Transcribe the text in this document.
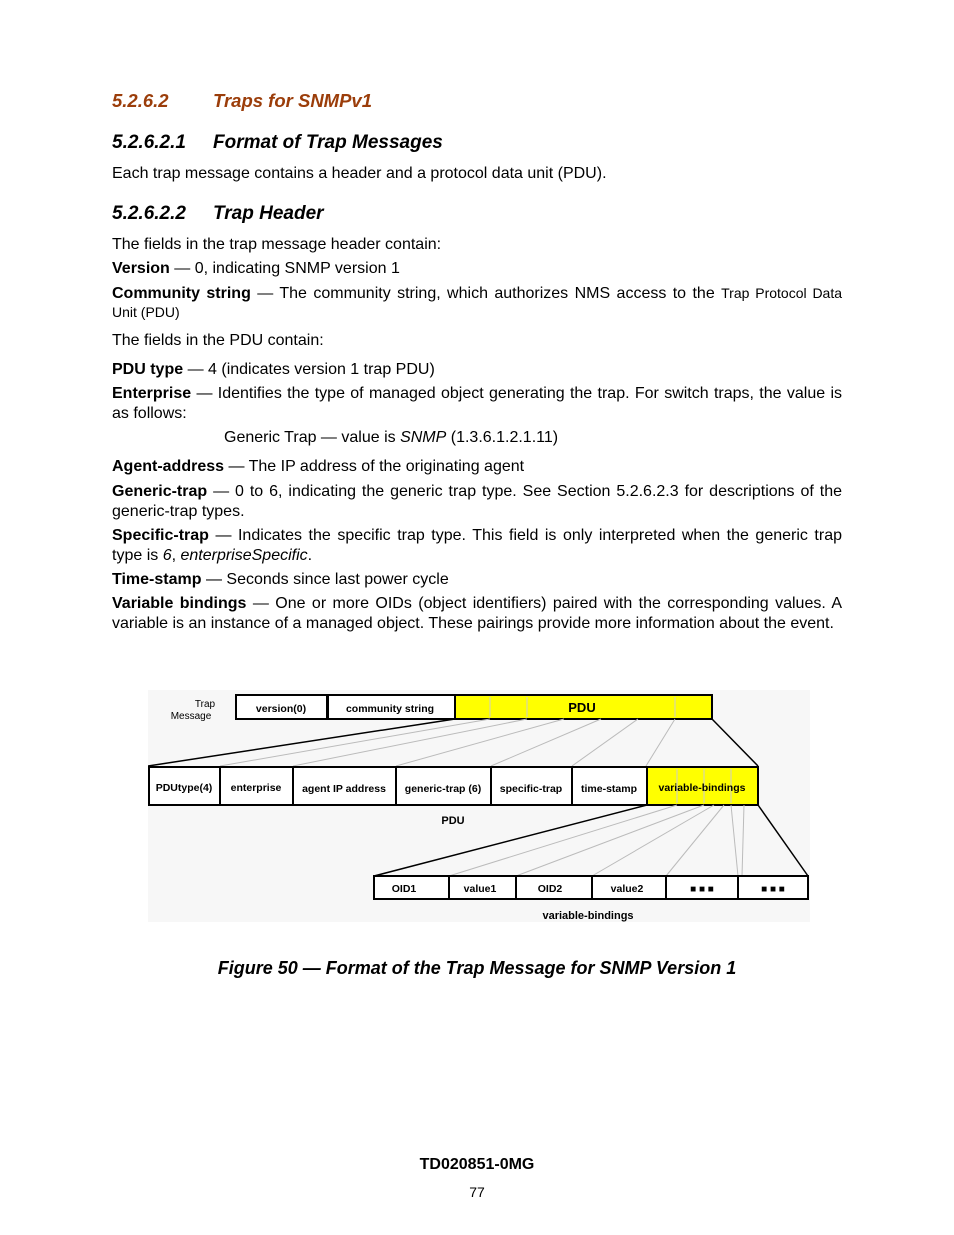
5.2.6.2 Traps for SNMPv1
5.2.6.2.1 Format of Trap Messages
Each trap message contains a header and a protocol data unit (PDU).
5.2.6.2.2 Trap Header
The fields in the trap message header contain:
Version — 0, indicating SNMP version 1
Community string — The community string, which authorizes NMS access to the Trap Protocol Data Unit (PDU)
The fields in the PDU contain:
PDU type — 4 (indicates version 1 trap PDU)
Enterprise — Identifies the type of managed object generating the trap. For switch traps, the value is as follows:
Generic Trap — value is SNMP (1.3.6.1.2.1.11)
Agent-address — The IP address of the originating agent
Generic-trap — 0 to 6, indicating the generic trap type. See Section 5.2.6.2.3 for descriptions of the generic-trap types.
Specific-trap — Indicates the specific trap type. This field is only interpreted when the generic trap type is 6, enterpriseSpecific.
Time-stamp — Seconds since last power cycle
Variable bindings — One or more OIDs (object identifiers) paired with the corresponding values. A variable is an instance of a managed object. These pairings provide more information about the event.
Trap
Message
version(0)	community string	PDU
PDUtype(4) enterprise agent IP address generic-trap (6) specific-trap time-stamp variable-bindings
PDU
OID1	value1	OID2	value2	■ ■ ■	■ ■ ■
variable-bindings
Figure 50 — Format of the Trap Message for SNMP Version 1
TD020851-0MG
77
